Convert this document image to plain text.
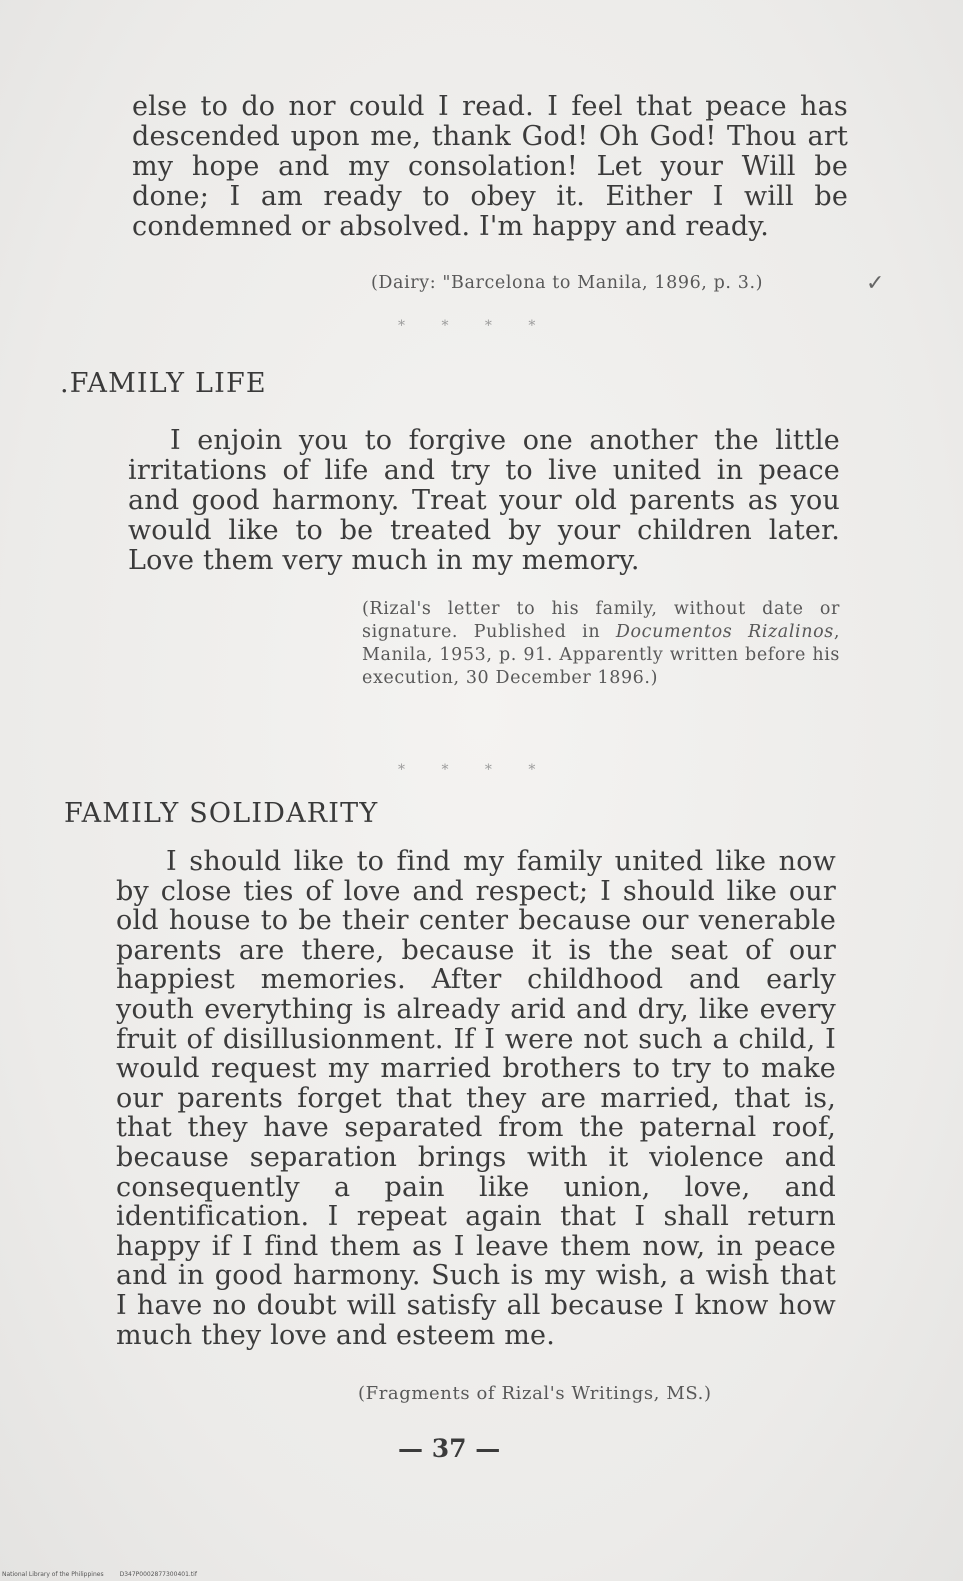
else to do nor could I read. I feel that peace has descended upon me, thank God! Oh God! Thou art my hope and my consolation! Let your Will be done; I am ready to obey it. Either I will be condemned or absolved. I'm happy and ready.
(Dairy: "Barcelona to Manila, 1896, p. 3.)	✓
* * * *
.FAMILY LIFE
I enjoin you to forgive one another the little irritations of life and try to live united in peace and good harmony. Treat your old parents as you would like to be treated by your children later. Love them very much in my memory.
(Rizal's letter to his family, without date or signature. Published in Documentos Rizalinos, Manila, 1953, p. 91. Apparently written before his execution, 30 December 1896.)
* * * *
FAMILY SOLIDARITY
I should like to find my family united like now by close ties of love and respect; I should like our old house to be their center because our venerable parents are there, because it is the seat of our happiest memories. After childhood and early youth everything is already arid and dry, like every fruit of disillusionment. If I were not such a child, I would request my married brothers to try to make our parents forget that they are married, that is, that they have separated from the paternal roof, because separation brings with it violence and consequently a pain like union, love, and identification. I repeat again that I shall return happy if I find them as I leave them now, in peace and in good harmony. Such is my wish, a wish that I have no doubt will satisfy all because I know how much they love and esteem me.
(Fragments of Rizal's Writings, MS.)
— 37 —
National Library of the Philippines	D347P0002877300401.tif
